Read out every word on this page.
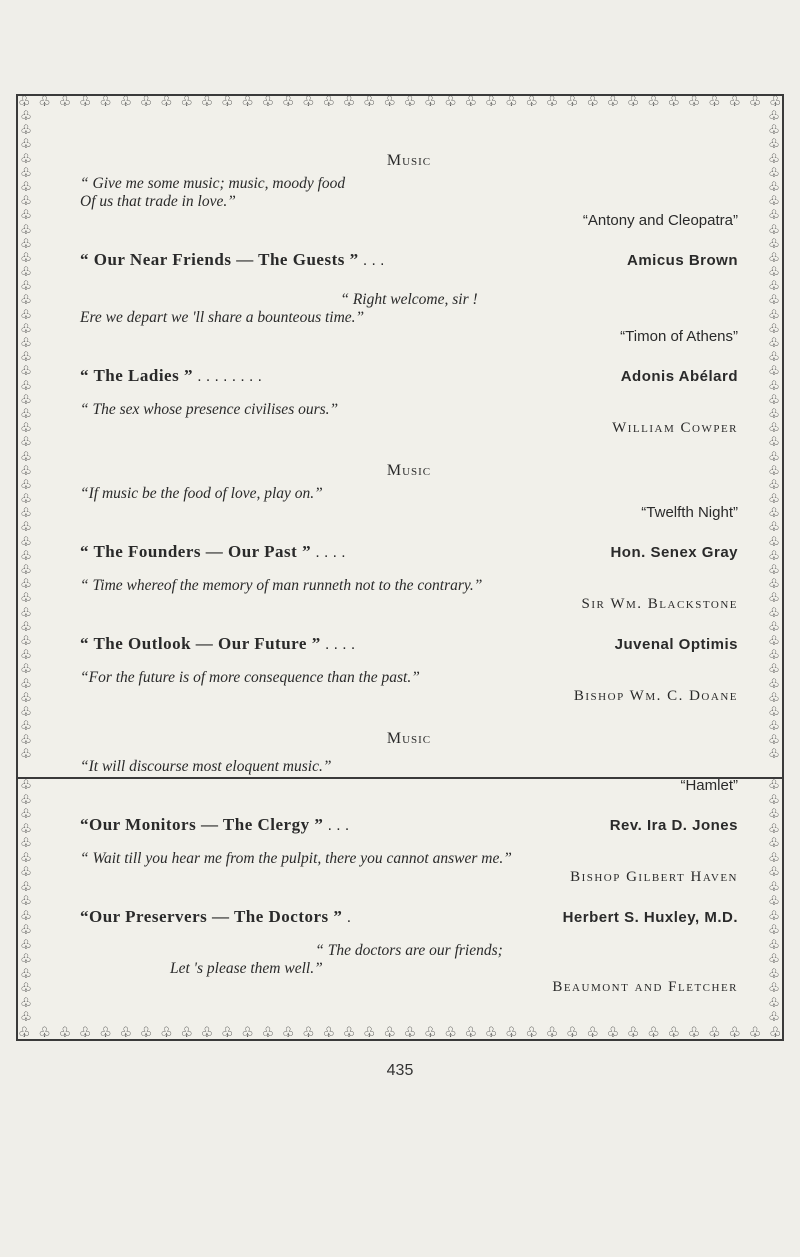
♧ ♧ ♧ ♧ ♧ ♧ ♧ ♧ ♧ ♧ ♧ ♧ ♧ ♧ ♧ ♧ ♧ ♧ ♧ ♧ ♧ ♧ ♧ ♧ ♧ ♧ ♧ ♧ ♧ ♧ ♧ ♧ ♧ ♧ ♧ ♧ ♧ ♧
♧
♧
♧
♧
♧
♧
♧
♧
♧
♧
♧
♧
♧
♧
♧
♧
♧
♧
♧
♧
♧
♧
♧
♧
♧
♧
♧
♧
♧
♧
♧
♧
♧
♧
♧
♧
♧
♧
♧
♧
♧
♧
♧
♧
♧
♧
♧
♧
♧
♧
♧
♧
♧
♧
♧
♧
♧
♧
♧
♧
♧
♧
♧
♧
♧
♧
♧
♧
♧
♧
♧
♧
♧
♧
♧
♧
♧
♧
♧
♧
♧
♧
♧
♧
♧
♧
♧
♧
♧
♧
♧
♧
Music
“ Give me some music; music, moody food
Of us that trade in love.”
“Antony and Cleopatra”
“ Our Near Friends — The Guests ” . . .	Amicus Brown
“ Right welcome, sir !
Ere we depart we 'll share a bounteous time.”
“Timon of Athens”
“ The Ladies ” . . . . . . . .	Adonis Abélard
“ The sex whose presence civilises ours.”
William Cowper
Music
“If music be the food of love, play on.”
“Twelfth Night”
“ The Founders — Our Past ” . . . .	Hon. Senex Gray
“ Time whereof the memory of man runneth not to the contrary.”
Sir Wm. Blackstone
“ The Outlook — Our Future ” . . . .	Juvenal Optimis
“For the future is of more consequence than the past.”
Bishop Wm. C. Doane
Music
♧ ♧ ♧ ♧ ♧ ♧ ♧ ♧ ♧ ♧ ♧ ♧ ♧ ♧ ♧ ♧ ♧ ♧ ♧ ♧ ♧ ♧ ♧ ♧ ♧ ♧ ♧ ♧ ♧ ♧ ♧ ♧ ♧ ♧ ♧ ♧ ♧ ♧
♧
♧
♧
♧
♧
♧
♧
♧
♧
♧
♧
♧
♧
♧
♧
♧
♧
♧
♧
♧
♧
♧
♧
♧
♧
♧
♧
♧
♧
♧
♧
♧
♧
♧
“It will discourse most eloquent music.”
“Hamlet”
“Our Monitors — The Clergy ” . . .	Rev. Ira D. Jones
“ Wait till you hear me from the pulpit, there you cannot answer me.”
Bishop Gilbert Haven
“Our Preservers — The Doctors ” .	Herbert S. Huxley, M.D.
“ The doctors are our friends;
Let 's please them well.”
Beaumont and Fletcher
435
